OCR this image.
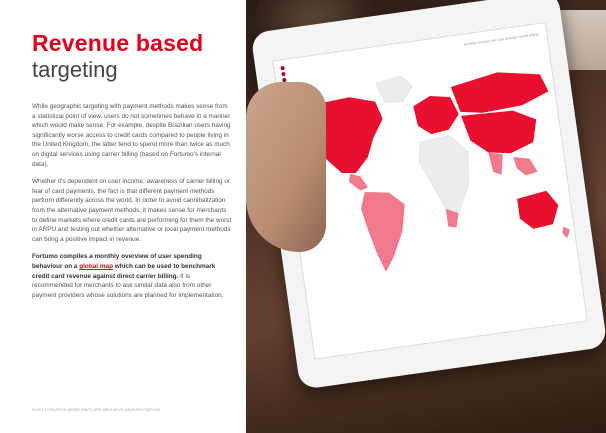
Revenue based
targeting

While geographic targeting with payment methods makes sense from a statistical point of view, users do not sometimes behave in a manner which would make sense. For example, despite Brazilian users having significantly worse access to credit cards compared to people living in the United Kingdom, the latter tend to spend more than twice as much on digital services using carrier billing (based on Fortumo's internal data).

Whether it's dependent on user income, awareness of carrier billing or fear of card payments, the fact is that different payment methods perform differently across the world. In order to avoid cannibalization from the alternative payment methods, it makes sense for merchants to define markets where credit cards are performing for them the worst in ARPU and testing out whether alternative or local payment methods can bring a positive impact in revenue.

Fortumo compiles a monthly overview of user spending behaviour on a global map which can be used to benchmark credit card revenue against direct carrier billing. It is recommended for merchants to ask similar data also from other payment providers whose solutions are planned for implementation.

How to maximize global reach with alternative payment methods
Monthly revenue per user through carrier billing
